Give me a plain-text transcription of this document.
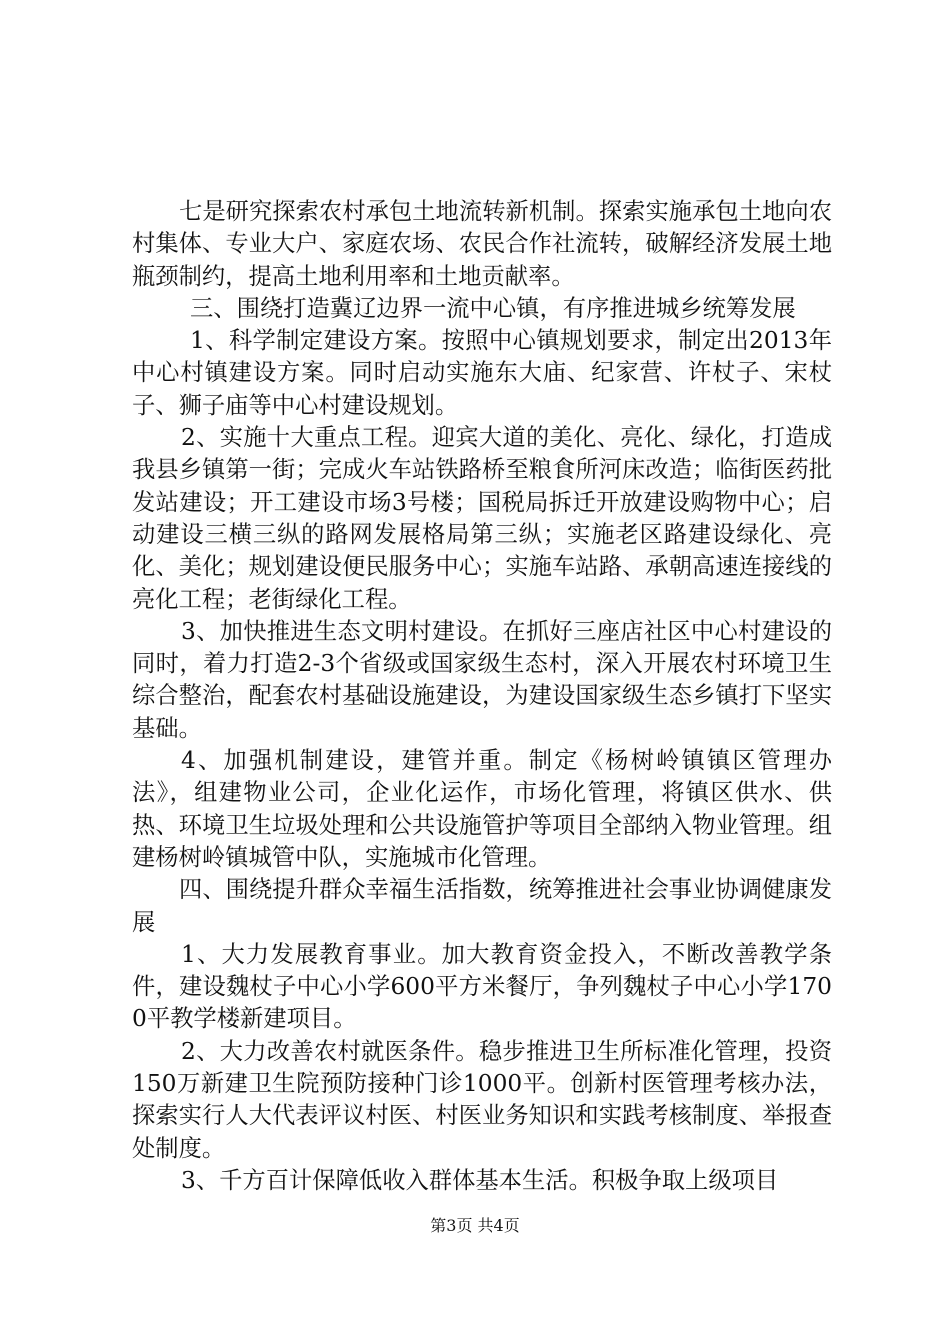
七是研究探索农村承包土地流转新机制。探索实施承包土地向农村集体、专业大户、家庭农场、农民合作社流转，破解经济发展土地瓶颈制约，提高土地利用率和土地贡献率。

三、围绕打造冀辽边界一流中心镇，有序推进城乡统筹发展

1、科学制定建设方案。按照中心镇规划要求，制定出2013年中心村镇建设方案。同时启动实施东大庙、纪家营、许杖子、宋杖子、狮子庙等中心村建设规划。

2、实施十大重点工程。迎宾大道的美化、亮化、绿化，打造成我县乡镇第一街；完成火车站铁路桥至粮食所河床改造；临街医药批发站建设；开工建设市场3号楼；国税局拆迁开放建设购物中心；启动建设三横三纵的路网发展格局第三纵；实施老区路建设绿化、亮化、美化；规划建设便民服务中心；实施车站路、承朝高速连接线的亮化工程；老街绿化工程。

3、加快推进生态文明村建设。在抓好三座店社区中心村建设的同时，着力打造2-3个省级或国家级生态村，深入开展农村环境卫生综合整治，配套农村基础设施建设，为建设国家级生态乡镇打下坚实基础。

4、加强机制建设，建管并重。制定《杨树岭镇镇区管理办法》，组建物业公司，企业化运作，市场化管理，将镇区供水、供热、环境卫生垃圾处理和公共设施管护等项目全部纳入物业管理。组建杨树岭镇城管中队，实施城市化管理。

四、围绕提升群众幸福生活指数，统筹推进社会事业协调健康发展

1、大力发展教育事业。加大教育资金投入，不断改善教学条件，建设魏杖子中心小学600平方米餐厅，争列魏杖子中心小学1700平教学楼新建项目。

2、大力改善农村就医条件。稳步推进卫生所标准化管理，投资150万新建卫生院预防接种门诊1000平。创新村医管理考核办法，探索实行人大代表评议村医、村医业务知识和实践考核制度、举报查处制度。

3、千方百计保障低收入群体基本生活。积极争取上级项目

第3页 共4页
